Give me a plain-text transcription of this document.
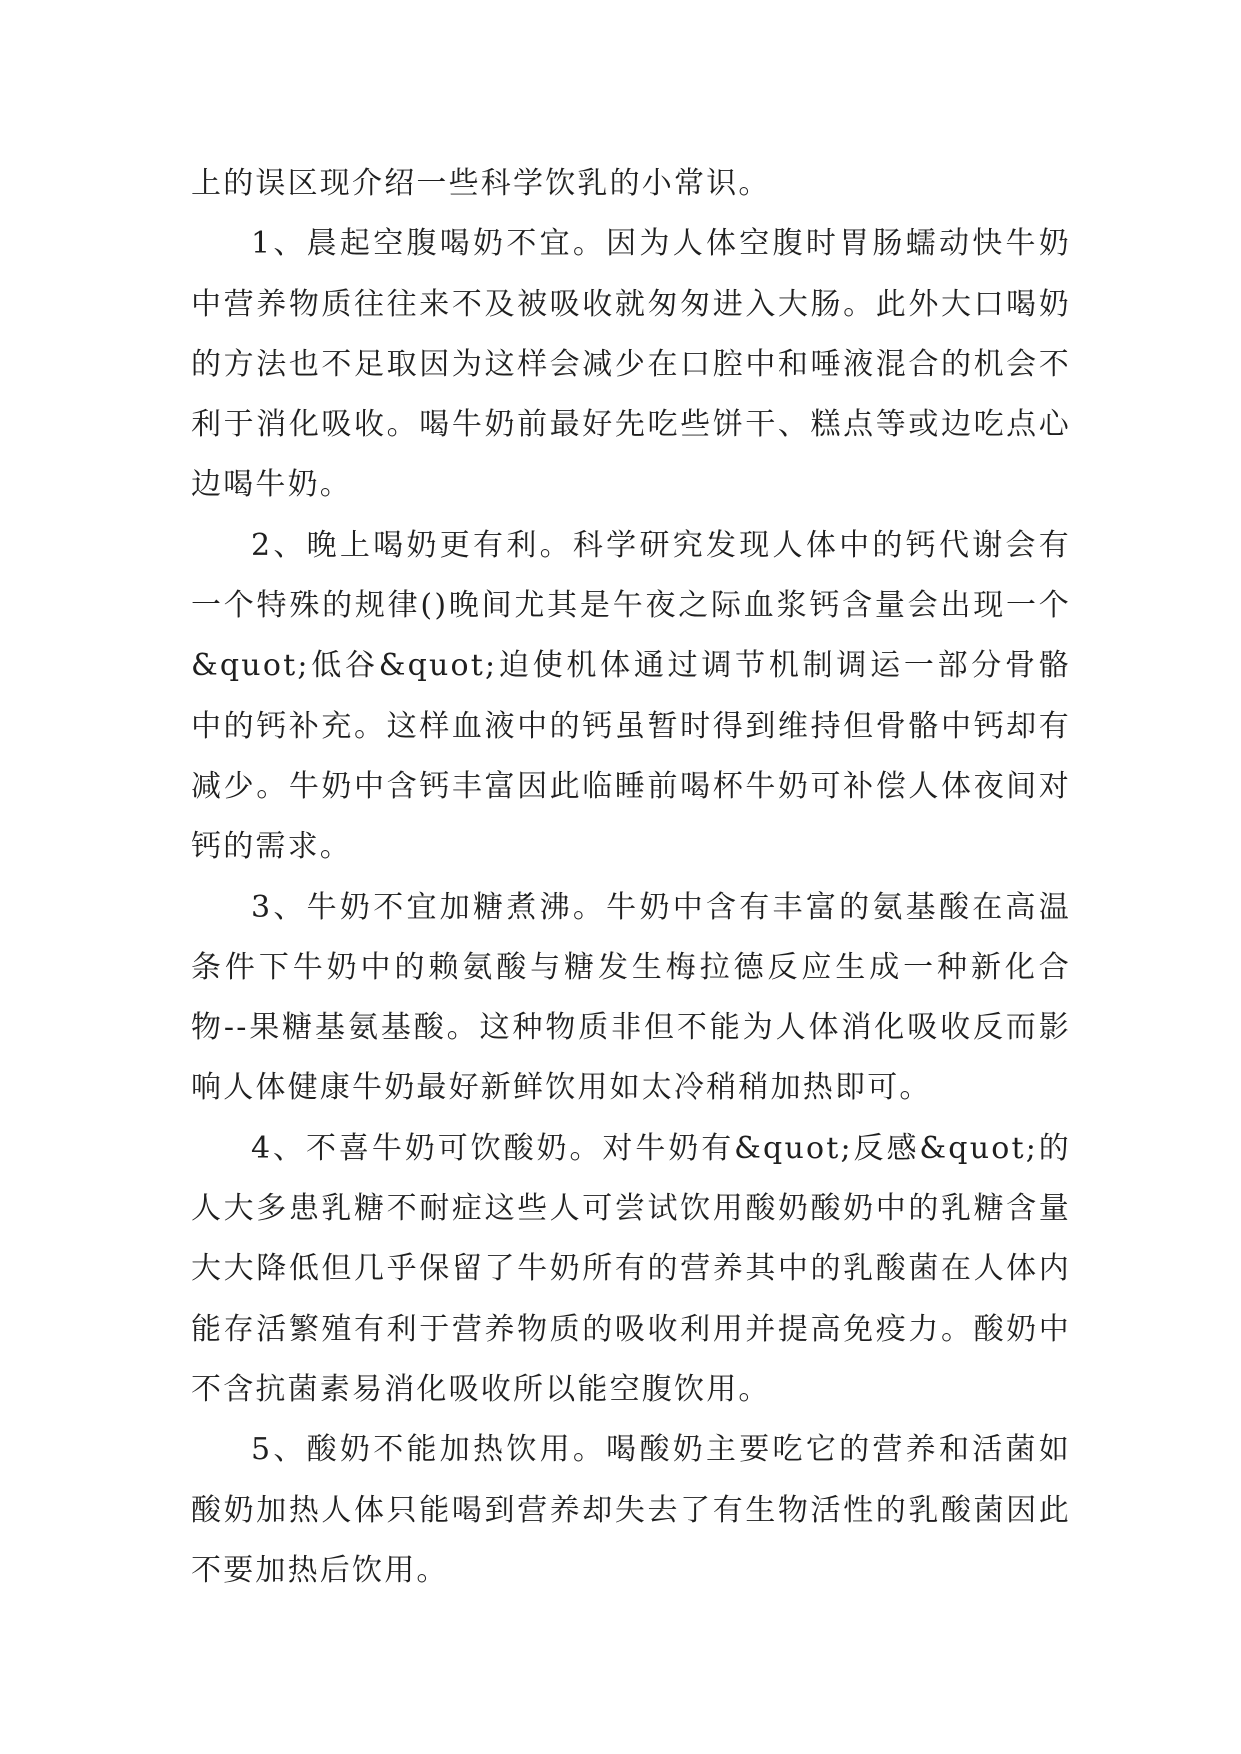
上的误区现介绍一些科学饮乳的小常识。

1、晨起空腹喝奶不宜。因为人体空腹时胃肠蠕动快牛奶中营养物质往往来不及被吸收就匆匆进入大肠。此外大口喝奶的方法也不足取因为这样会减少在口腔中和唾液混合的机会不利于消化吸收。喝牛奶前最好先吃些饼干、糕点等或边吃点心边喝牛奶。

2、晚上喝奶更有利。科学研究发现人体中的钙代谢会有一个特殊的规律()晚间尤其是午夜之际血浆钙含量会出现一个&quot;低谷&quot;迫使机体通过调节机制调运一部分骨骼中的钙补充。这样血液中的钙虽暂时得到维持但骨骼中钙却有减少。牛奶中含钙丰富因此临睡前喝杯牛奶可补偿人体夜间对钙的需求。

3、牛奶不宜加糖煮沸。牛奶中含有丰富的氨基酸在高温条件下牛奶中的赖氨酸与糖发生梅拉德反应生成一种新化合物--果糖基氨基酸。这种物质非但不能为人体消化吸收反而影响人体健康牛奶最好新鲜饮用如太冷稍稍加热即可。

4、不喜牛奶可饮酸奶。对牛奶有&quot;反感&quot;的人大多患乳糖不耐症这些人可尝试饮用酸奶酸奶中的乳糖含量大大降低但几乎保留了牛奶所有的营养其中的乳酸菌在人体内能存活繁殖有利于营养物质的吸收利用并提高免疫力。酸奶中不含抗菌素易消化吸收所以能空腹饮用。

5、酸奶不能加热饮用。喝酸奶主要吃它的营养和活菌如酸奶加热人体只能喝到营养却失去了有生物活性的乳酸菌因此不要加热后饮用。
